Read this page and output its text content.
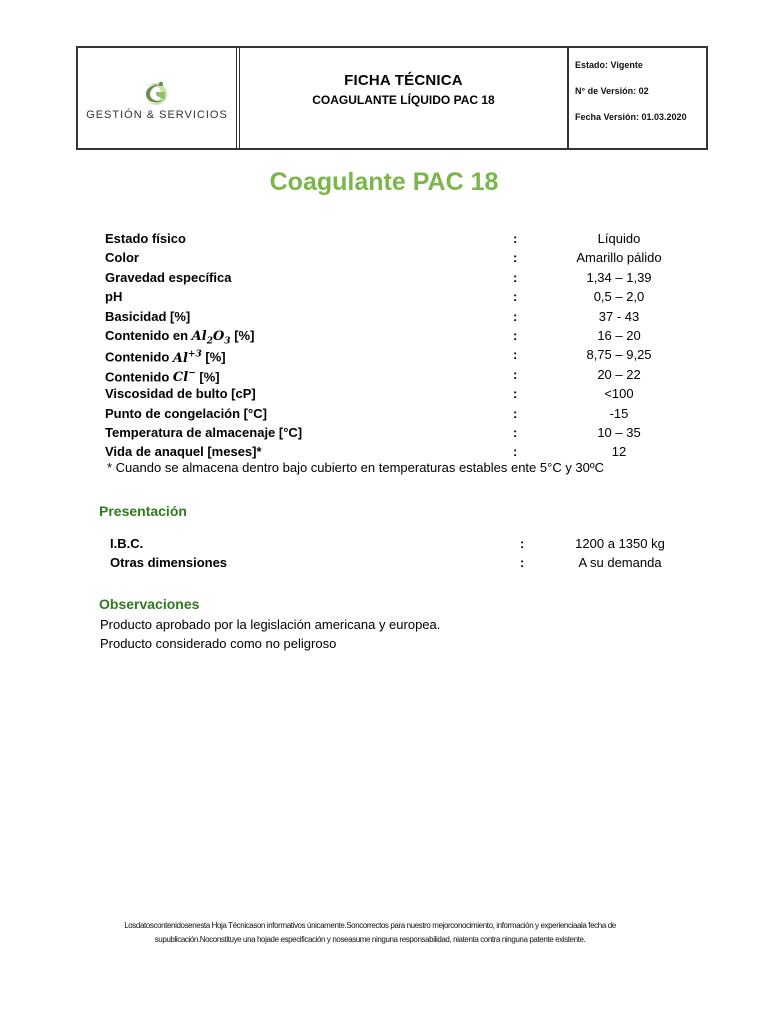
GESTIÓN & SERVICIOS
FICHA TÉCNICA
COAGULANTE LÍQUIDO PAC 18
Estado: Vigente
N° de Versión: 02
Fecha Versión: 01.03.2020
Coagulante PAC 18
Estado físico	:	Líquido
Color	:	Amarillo pálido
Gravedad específica	:	1,34 – 1,39
pH	:	0,5 – 2,0
Basicidad [%]	:	37 - 43
Contenido en $Al_2O_3$ [%]	:	16 – 20
Contenido $Al^{+3}$ [%]	:	8,75 – 9,25
Contenido Cl− [%]	:	20 – 22
Viscosidad de bulto [cP]	:	<100
Punto de congelación [°C]	:	-15
Temperatura de almacenaje [°C]	:	10 – 35
Vida de anaquel [meses]*	:	12
* Cuando se almacena dentro bajo cubierto en temperaturas estables ente 5°C y 30ºC
Presentación
I.B.C.	:	1200 a 1350 kg
Otras dimensiones	:	A su demanda
Observaciones
Producto aprobado por la legislación americana y europea.
Producto considerado como no peligroso
Losdatoscontenidosenesta Hoja Técnicason informativos únicamente.Soncorrectos para nuestro mejorconocimiento, información y experienciaala fecha de
supublicación.Noconstituye una hojade especificación y noseasume ninguna responsabilidad, niatenta contra ninguna patente existente.
